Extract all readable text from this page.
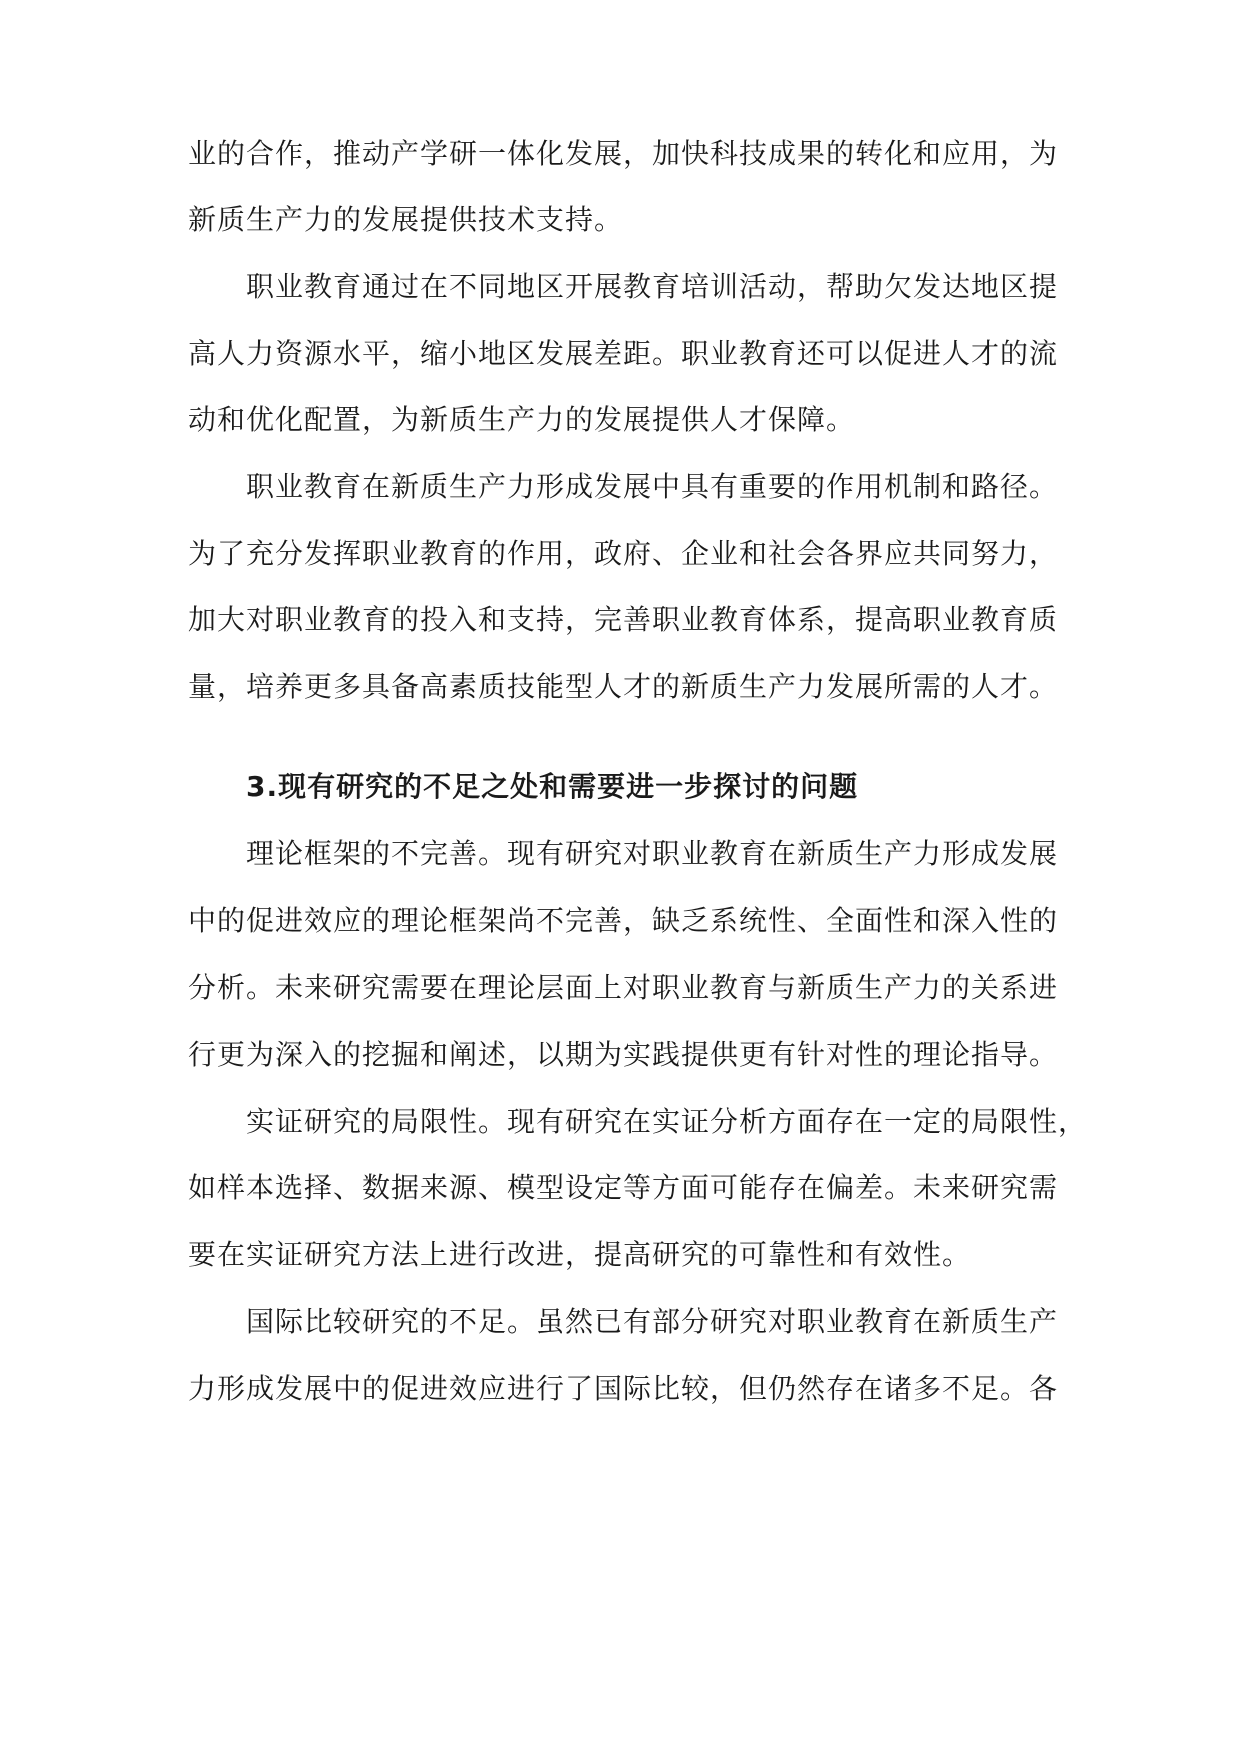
业的合作，推动产学研一体化发展，加快科技成果的转化和应用，为
新质生产力的发展提供技术支持。
职业教育通过在不同地区开展教育培训活动，帮助欠发达地区提
高人力资源水平，缩小地区发展差距。职业教育还可以促进人才的流
动和优化配置，为新质生产力的发展提供人才保障。
职业教育在新质生产力形成发展中具有重要的作用机制和路径。
为了充分发挥职业教育的作用，政府、企业和社会各界应共同努力，
加大对职业教育的投入和支持，完善职业教育体系，提高职业教育质
量，培养更多具备高素质技能型人才的新质生产力发展所需的人才。
3.现有研究的不足之处和需要进一步探讨的问题
理论框架的不完善。现有研究对职业教育在新质生产力形成发展
中的促进效应的理论框架尚不完善，缺乏系统性、全面性和深入性的
分析。未来研究需要在理论层面上对职业教育与新质生产力的关系进
行更为深入的挖掘和阐述，以期为实践提供更有针对性的理论指导。
实证研究的局限性。现有研究在实证分析方面存在一定的局限性，
如样本选择、数据来源、模型设定等方面可能存在偏差。未来研究需
要在实证研究方法上进行改进，提高研究的可靠性和有效性。
国际比较研究的不足。虽然已有部分研究对职业教育在新质生产
力形成发展中的促进效应进行了国际比较，但仍然存在诸多不足。各
